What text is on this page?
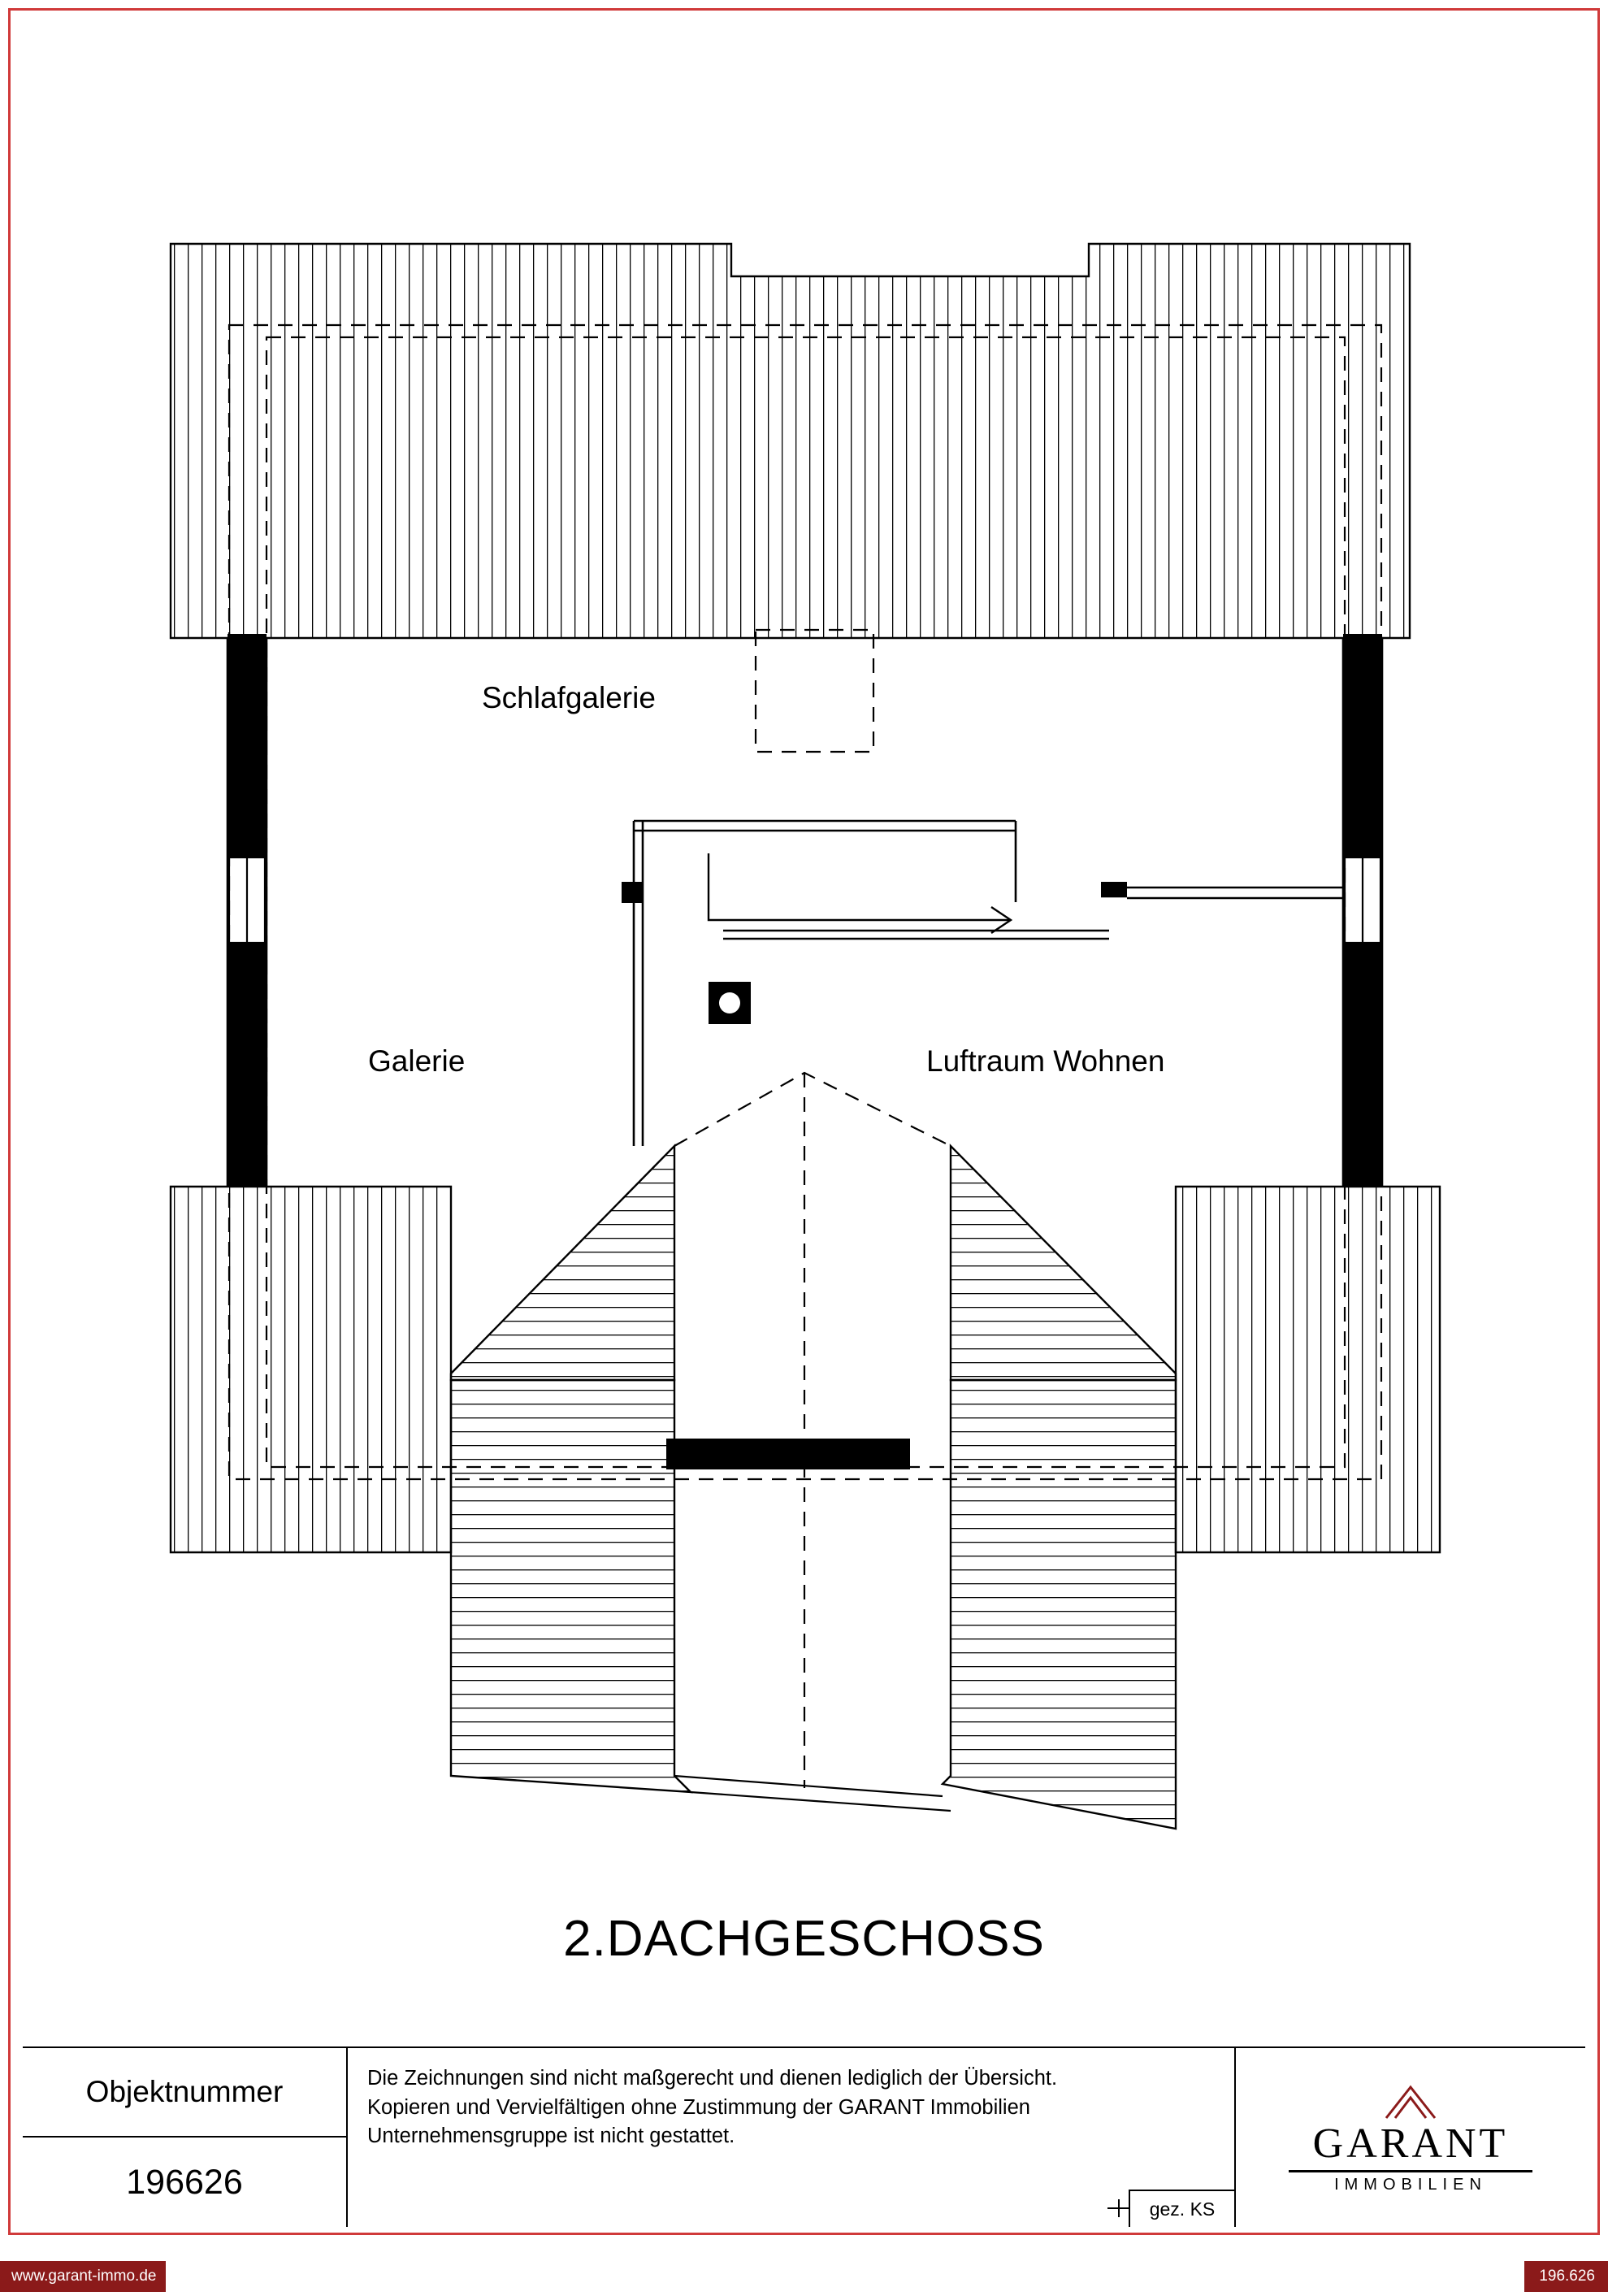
Schlafgalerie
Galerie	Luftraum Wohnen
2.DACHGESCHOSS
Objektnummer
196626
Die Zeichnungen sind nicht maßgerecht und dienen lediglich der Übersicht.
Kopieren und Vervielfältigen ohne Zustimmung der GARANT Immobilien
Unternehmensgruppe ist nicht gestattet.
gez. KS
GARANT
IMMOBILIEN
www.garant-immo.de	196.626
